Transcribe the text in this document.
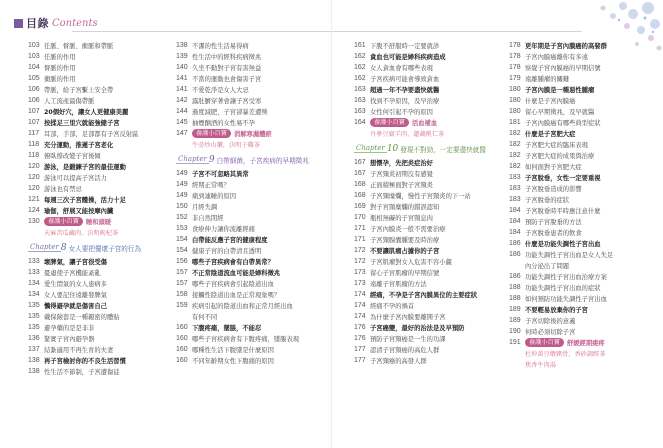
目錄 Contents
103 任脈、督脈、衝脈和帶脈
103 任脈的作用
104 督脈的作用
105 衝脈的作用
106 帶脈，給子宮繫上安全帶
106 人工流產最傷帶脈
107 20個好穴，讓女人更健康美麗
107 按揉足三里穴就能強健子宮
117 耳部，手部，足部都有子宮反射區
118 充分運動，推遲子宮老化
118 俯臥撐改變子宮後傾
120 游泳，是鍛鍊子宮的最佳運動
120 游泳可以提高子宮活力
120 游泳也有禁忌
121 每週三次子宮體操，活力十足
124 瑜伽，舒展又能按摩內臟
130	養護小百寶	睡和頭暖
天麻苦瓜藏肉、決明枸杞茶
Chapter 8 女人要把優壞子宮的行為
133 壞脾氣，讓子宮很受傷
133 憂慮使子宮機能紊亂
134 愛生悶氣的女人患病多
134 女人要記住遠離發脾氣
135 懶得避孕就是傷害自己
135 戴保險套是一種親密的體貼
135 避孕藥的是是非非
136 緊實子宮內避孕器
137 結紮適用不再生育的夫妻
138 再子宮檢討你的不良生活習慣
138 性生活不節制，子宮遭傷徒
138 不潔的性生活易得病
139 性生活中的經科疾病徵兆
140 久坐不動對子宮有害無益
141 不當的運動也會傷害子宮
141 不愛乾淨是女人大忌
142 露肚臍穿著會讓子宮受寒
144 過度減肥，子宮卻暴差遭殃
145 抽煙酗酒的女性易不孕
147	養護小百寶	消解寒濕體瘀
牛蒡炒山藥，決明子雞茶
Chapter 9 白帶細菌，子宮疾病的早期徵兆
149 子宮不可忽略其異常
149 經期正常嗎？
149 痛到連睡的原因
150 月經失調
152 非自然閉經
153 食療伸力讓你流離經痛
154 白帶能反應子宮的健康程度
154 健康子宮的白帶清且透明
156 哪些子宮疾病會有白帶異常？
157 不正常陰道流血可能是婦科徵兆
157 哪些子宮疾病會引起陰道出血
158 接觸性陰道出血是正常現象嗎？
159 疾病引起的陰道出血和正常月經出血
有何不同
160 下腹疼痛，墜脹，不能忍
160 哪些子宮疾病會有下腹疼痛，墜脹表現
160 哪種性生活下腹墜是什麼原因
160 不同年齡期女性下腹痛的原因
161 下腹不舒服時一定要就診
162 貪血也可能是婦科疾病造成
162 女人貪血會有哪些表現
162 子宮疾病可能會導致貪血
163 超過一年不孕要盡快就醫
163 找到不孕原因，及早治療
163 女性何引起不孕的原因
164	養護小百寶	活血補血
丹參豆腐羊肉，蓮藕桃仁茶
Chapter 10 發現不對勁，一定要盡快就醫
167 想懷孕，先把炎症治好
167 子宮頸炎初期沒有感覺
168 正面積極面對子宮頸炎
168 子宮頸糜爛，慢性子宮頸炎的下一站
169 對子宮頸糜爛的錯誤認知
170 瓶相無礙的子宮頸息肉
171 子宮內膜炎一般不需要治療
171 子宮頸腺囊腫要及時治療
172 不要讓肌瘤占據你的子宮
172 子宮肌瘤對女人危害不容小覷
173 留心子宮肌瘤的早期信號
173 遠離子宮肌瘤的方法
174 經痛，不孕是子宮內膜異位的主要症狀
174 經痛不孕的禍首
174 為什麼子宮內膜要離開子宮
176 子宮癌變，最好的治法是及早預防
176 預防子宮頸癌是一生的功課
177 認清子宮頸癌的高危人群
177 子宮頸癌的高發人群
178 更年期是子宮內膜癌的高發群
178 子宮內膜癌離你有多遠
178 察覺子宮內膜癌的早期信號
179 遠離腫瘤的關鍵
180 子宮內膜是一種惡性腫瘤
180 什麼是子宮內膜癌
180 留心早期徵兆，及早就醫
181 子宮內膜癌有哪些典型症狀
182 什麼是子宮肥大症
182 子宮肥大症的臨床表現
182 子宮肥大症的成果與治療
182 如何面對子宮肥大症
183 子宮脫垂，女性一定要重視
183 子宮脫垂造成的影響
183 子宮脫垂的症狀
184 子宮脫垂時平時應注意什麼
184 預防子宮脫垂的方法
184 子宮脫垂患者的飲食
186 什麼是功能失調性子宮出血
186 功能失調性子宮出血是女人失足
內分泌出了問題
186 功能失調性子宮出血治療方案
188 功能失調性子宮出血的症狀
188 如何預防功能失調性子宮出血
189 不要輕易放棄你的子宮
189 子宮切除後的意義
190 何時必須切除子宮
191	養護小百寶	舒緩經期痠疼
杜仲黃豆燉豬骨，香砂調經茶
焦香牛肉湯
